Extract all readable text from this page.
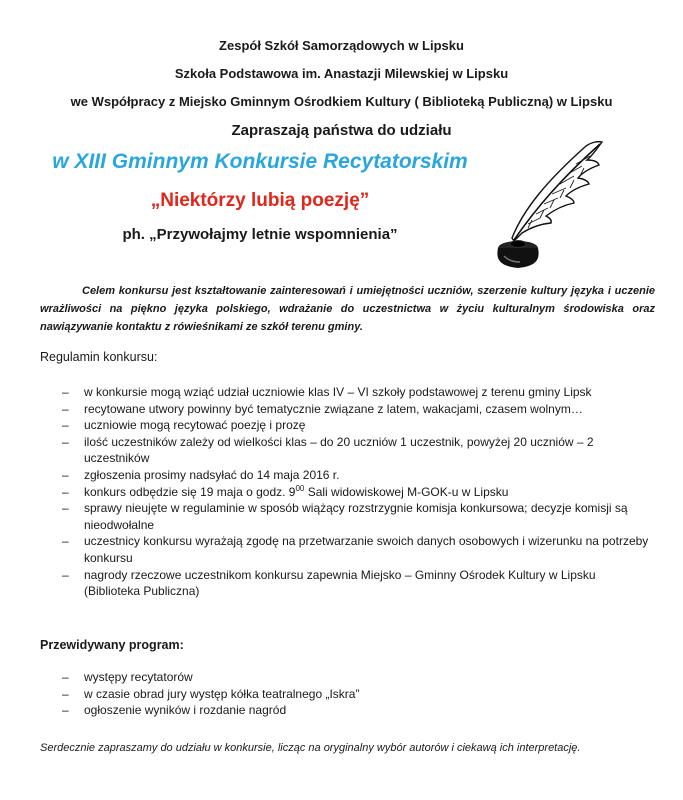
Zespół Szkół Samorządowych w Lipsku
Szkoła Podstawowa im. Anastazji Milewskiej w Lipsku
we Współpracy z Miejsko Gminnym Ośrodkiem Kultury ( Biblioteką Publiczną) w Lipsku
Zapraszają państwa do udziału
w XIII Gminnym Konkursie Recytatorskim
„Niektórzy lubią poezję”
ph. „Przywołajmy letnie wspomnienia”
Celem konkursu jest kształtowanie zainteresowań i umiejętności uczniów, szerzenie kultury języka i uczenie wrażliwości na piękno języka polskiego, wdrażanie do uczestnictwa w życiu kulturalnym środowiska oraz nawiązywanie kontaktu z rówieśnikami ze szkół terenu gminy.
Regulamin konkursu:
– w konkursie mogą wziąć udział uczniowie klas IV – VI szkoły podstawowej z terenu gminy Lipsk
– recytowane utwory powinny być tematycznie związane z latem, wakacjami, czasem wolnym…
– uczniowie mogą recytować poezję i prozę
– ilość uczestników zależy od wielkości klas – do 20 uczniów 1 uczestnik, powyżej 20 uczniów – 2 uczestników
– zgłoszenia prosimy nadsyłać do 14 maja 2016 r.
– konkurs odbędzie się 19 maja o godz. $9^{00}$ Sali widowiskowej M-GOK-u w Lipsku
– sprawy nieujęte w regulaminie w sposób wiążący rozstrzygnie komisja konkursowa; decyzje komisji są nieodwołalne
– uczestnicy konkursu wyrażają zgodę na przetwarzanie swoich danych osobowych i wizerunku na potrzeby konkursu
– nagrody rzeczowe uczestnikom konkursu zapewnia Miejsko – Gminny Ośrodek Kultury w Lipsku (Biblioteka Publiczna)
Przewidywany program:
– występy recytatorów
– w czasie obrad jury występ kółka teatralnego „Iskra”
– ogłoszenie wyników i rozdanie nagród
Serdecznie zapraszamy do udziału w konkursie, licząc na oryginalny wybór autorów i ciekawą ich interpretację.
